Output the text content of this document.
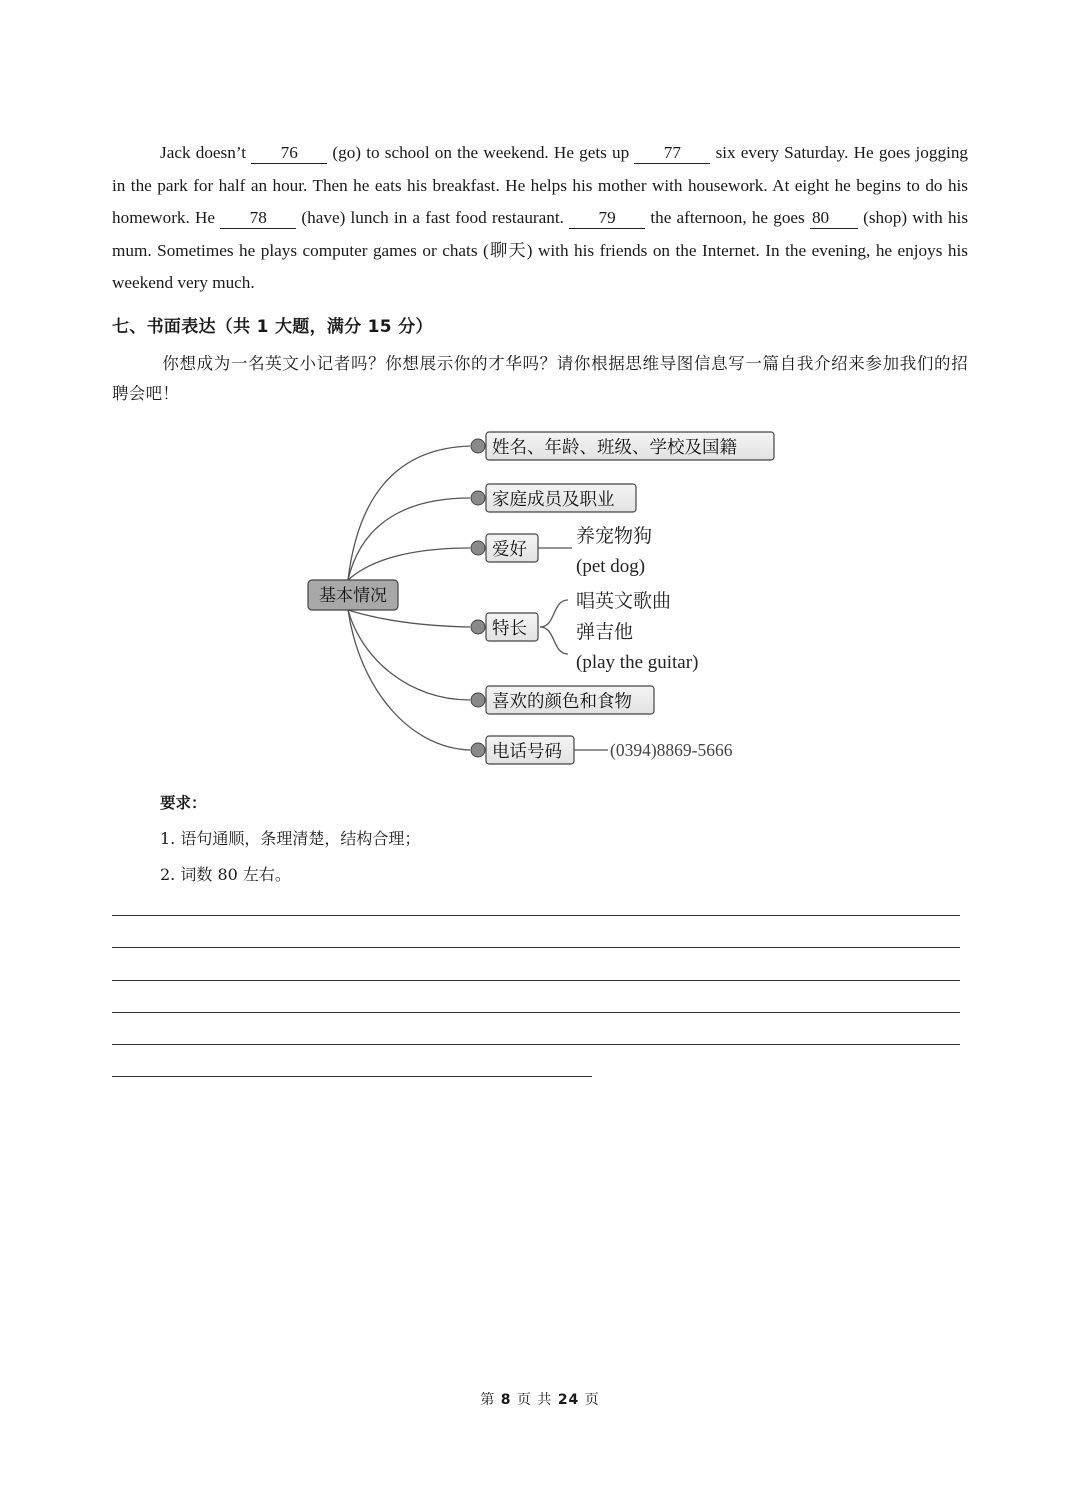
Jack doesn’t 76 (go) to school on the weekend. He gets up 77 six every Saturday. He goes jogging in the park for half an hour. Then he eats his breakfast. He helps his mother with housework. At eight he begins to do his homework. He 78 (have) lunch in a fast food restaurant. 79 the afternoon, he goes 80 (shop) with his mum. Sometimes he plays computer games or chats (聊天) with his friends on the Internet. In the evening, he enjoys his weekend very much.
七、书面表达（共 1 大题，满分 15 分）
你想成为一名英文小记者吗？你想展示你的才华吗？请你根据思维导图信息写一篇自我介绍来参加我们的招聘会吧！
基本情况
姓名、年龄、班级、学校及国籍
家庭成员及职业
爱好
养宠物狗
(pet dog)
特长
唱英文歌曲
弹吉他
(play the guitar)
喜欢的颜色和食物
电话号码	(0394)8869-5666
要求：
1. 语句通顺，条理清楚，结构合理；
2. 词数 80 左右。
第 8 页 共 24 页
